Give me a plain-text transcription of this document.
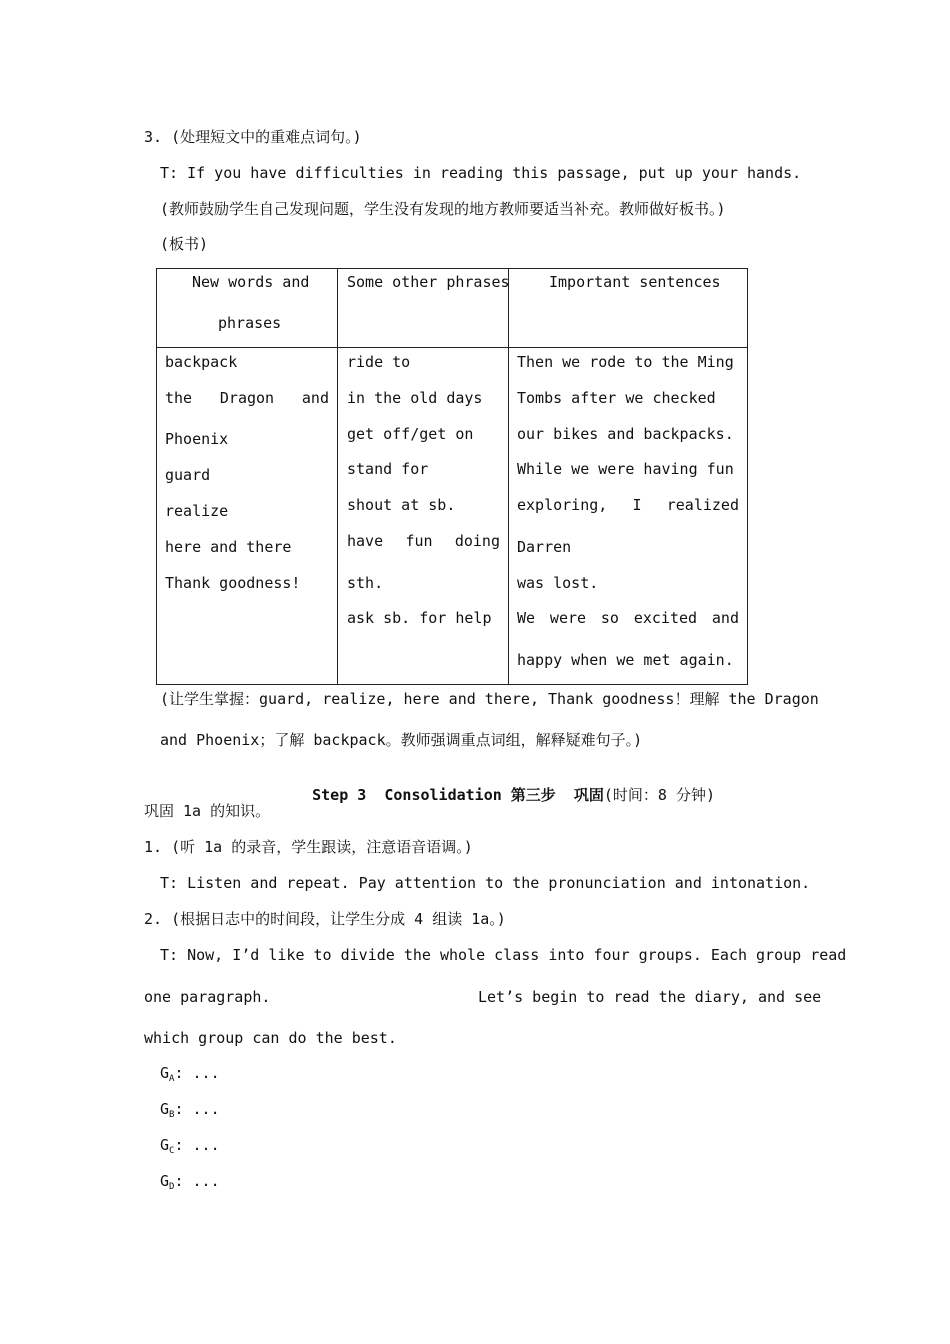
3. (处理短文中的重难点词句。)
T: If you have difficulties in reading this passage, put up your hands.
(教师鼓励学生自己发现问题，学生没有发现的地方教师要适当补充。教师做好板书。)
(板书)
New words and
phrases
Some other phrases	Important sentences
backpack
the Dragon and
Phoenix
guard
realize
here and there
Thank goodness!
ride to
in the old days
get off/get on
stand for
shout at sb.
have fun doing
sth.
ask sb. for help
Then we rode to the Ming
Tombs after we checked
our bikes and backpacks.
While we were having fun
exploring, I realized
Darren
was lost.
We were so excited and
happy when we met again.
(让学生掌握：guard, realize, here and there, Thank goodness！理解 the Dragon
and Phoenix；了解 backpack。教师强调重点词组，解释疑难句子。)

Step 3  Consolidation 第三步  巩固(时间：8 分钟)

巩固 1a 的知识。
1. (听 1a 的录音，学生跟读，注意语音语调。)
T: Listen and repeat. Pay attention to the pronunciation and intonation.
2. (根据日志中的时间段，让学生分成 4 组读 1a。)
T: Now, I’d like to divide the whole class into four groups. Each group read
one paragraph.	Let’s begin to read the diary, and see
which group can do the best.
$G_A$: ...
$G_B$: ...
$G_C$: ...
$G_D$: ...
